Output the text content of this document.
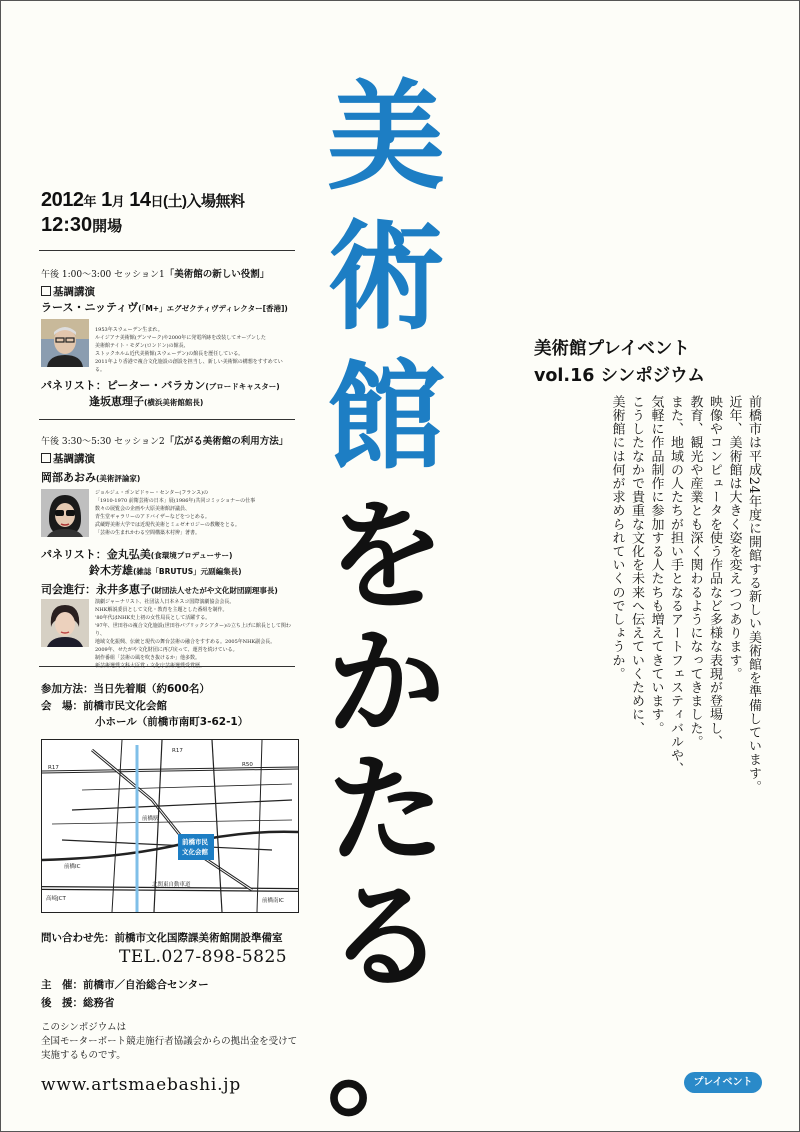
美
術
館
を
か
た
る
。
2012年 1月 14日(土)入場無料
12:30開場
午後 1:00～3:00 セッション1「美術館の新しい役割」
基調講演
ラース・ニッティヴ(「M+」エグゼクティヴディレクター[香港])
1953年スウェーデン生まれ。
ルイジアナ美術館(デンマーク)や2000年に発電所跡を改装してオープンした
美術館テイト・モダン(ロンドン)の館長、
ストックホルム近代美術館(スウェーデン)の館長を歴任している。
2011年より香港で複合文化施設の創設を担当し、新しい美術館の構想をすすめている。
パネリスト：ピーター・バラカン(ブロードキャスター)
逢坂恵理子(横浜美術館館長)
午後 3:30～5:30 セッション2「広がる美術館の利用方法」
基調講演
岡部あおみ(美術評論家)
ジョルジュ・ポンピドゥー・センター(フランス)の
「1910-1970 前衛芸術の日本」展(1986年)共同コミッショナーの仕事
数々の展覧会の企画や大原美術館評議員、
青生堂ギャラリーのアドバイザーなどをつとめる。
武蔵野美術大学では近現代美術とミュゼオロジーの教鞭をとる。
「芸術の生まれかわる空間構築木村辨」著書。
パネリスト：金丸弘美(食環境プロデューサー)
鈴木芳雄(雑誌「BRUTUS」元副編集長)
司会進行：永井多恵子(財団法人せたがや文化財団副理事長)
演劇ジャーナリスト、社団法人日本ネスコ国際演劇協会会長。
NHK解説委員として文化・教育を主題とした番組を制作。
'80年代はNHK史上初の女性局長として活躍する。
'97年、世田谷の複合文化施設(世田谷パブリックシアター)の立ち上げに館長として関わり、
地域文化振興、伝統と現代の舞台芸術の融合をすすめる。2005年NHK副会長。
2009年、せたがや文化財団に再び戻って、運営を続けている。
制作番組「芸術の風を吹き抜けるか」他多数。
参加方法：当日先着順（約600名）
会　場：前橋市民文化会館
小ホール（前橋市南町3-62-1）
R17	R50
R17
前橋駅
前橋IC
前橋南IC
高崎JCT
北関東自動車道
前橋市民
文化会館
問い合わせ先：前橋市文化国際課美術館開設準備室
TEL.027-898-5825
主　催：前橋市／自治総合センター
後　援：総務省
このシンポジウムは
全国モーターボート競走施行者協議会からの拠出金を受けて
実施するものです。
www.artsmaebashi.jp
美術館プレイベント
vol.16 シンポジウム
前橋市は平成24年度に開館する新しい美術館を準備しています。
近年、美術館は大きく姿を変えつつあります。
映像やコンピュータを使う作品など多様な表現が登場し、
教育、観光や産業とも深く関わるようになってきました。
また、地域の人たちが担い手となるアートフェスティバルや、
気軽に作品制作に参加する人たちも増えてきています。
こうしたなかで貴重な文化を未来へ伝えていくために、
美術館には何が求められていくのでしょうか。
プレイベント
